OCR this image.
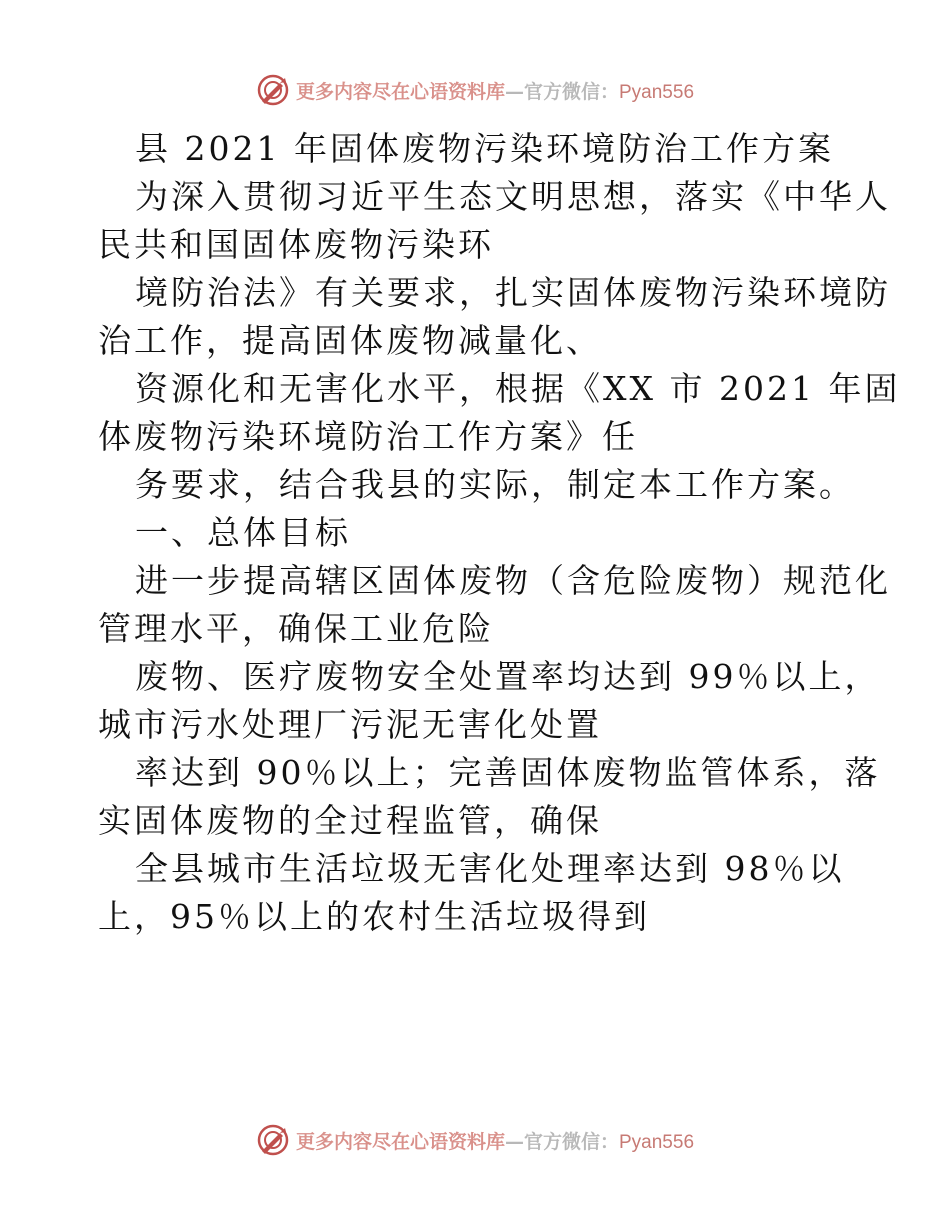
更多内容尽在心语资料库—官方微信：Pyan556
县 2021 年固体废物污染环境防治工作方案
为深入贯彻习近平生态文明思想，落实《中华人
民共和国固体废物污染环
境防治法》有关要求，扎实固体废物污染环境防
治工作，提高固体废物减量化、
资源化和无害化水平，根据《XX 市 2021 年固
体废物污染环境防治工作方案》任
务要求，结合我县的实际，制定本工作方案。
一、总体目标
进一步提高辖区固体废物（含危险废物）规范化
管理水平，确保工业危险
废物、医疗废物安全处置率均达到 99％以上，
城市污水处理厂污泥无害化处置
率达到 90％以上；完善固体废物监管体系，落
实固体废物的全过程监管，确保
全县城市生活垃圾无害化处理率达到 98％以
上，95％以上的农村生活垃圾得到
更多内容尽在心语资料库—官方微信：Pyan556
